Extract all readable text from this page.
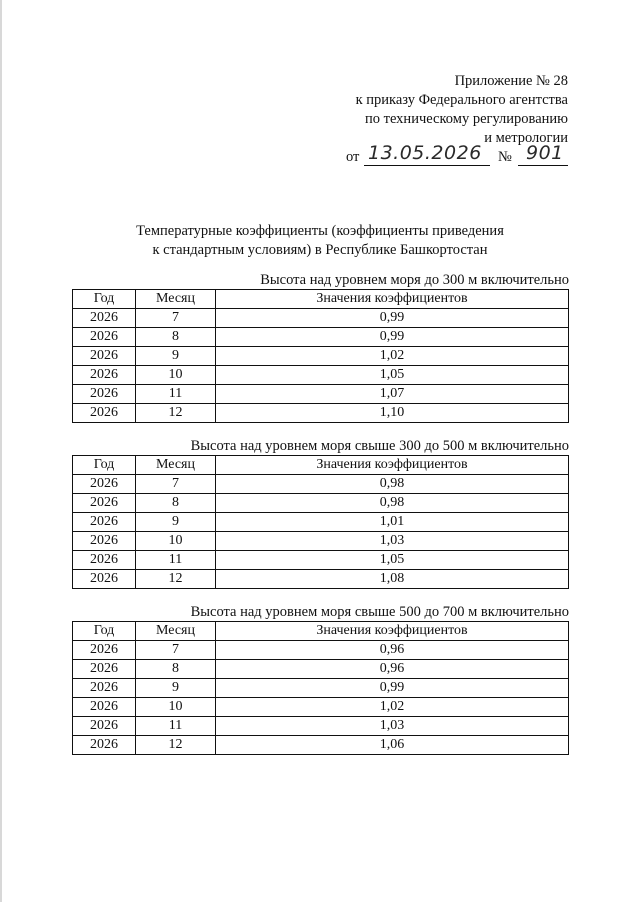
Приложение № 28
к приказу Федерального агентства
по техническому регулированию
и метрологии
от 13.05.2026 № 901
Температурные коэффициенты (коэффициенты приведения
к стандартным условиям) в Республике Башкортостан
Высота над уровнем моря до 300 м включительно
Год	Месяц	Значения коэффициентов
2026	7	0,99
2026	8	0,99
2026	9	1,02
2026	10	1,05
2026	11	1,07
2026	12	1,10
Высота над уровнем моря свыше 300 до 500 м включительно
Год	Месяц	Значения коэффициентов
2026	7	0,98
2026	8	0,98
2026	9	1,01
2026	10	1,03
2026	11	1,05
2026	12	1,08
Высота над уровнем моря свыше 500 до 700 м включительно
Год	Месяц	Значения коэффициентов
2026	7	0,96
2026	8	0,96
2026	9	0,99
2026	10	1,02
2026	11	1,03
2026	12	1,06
